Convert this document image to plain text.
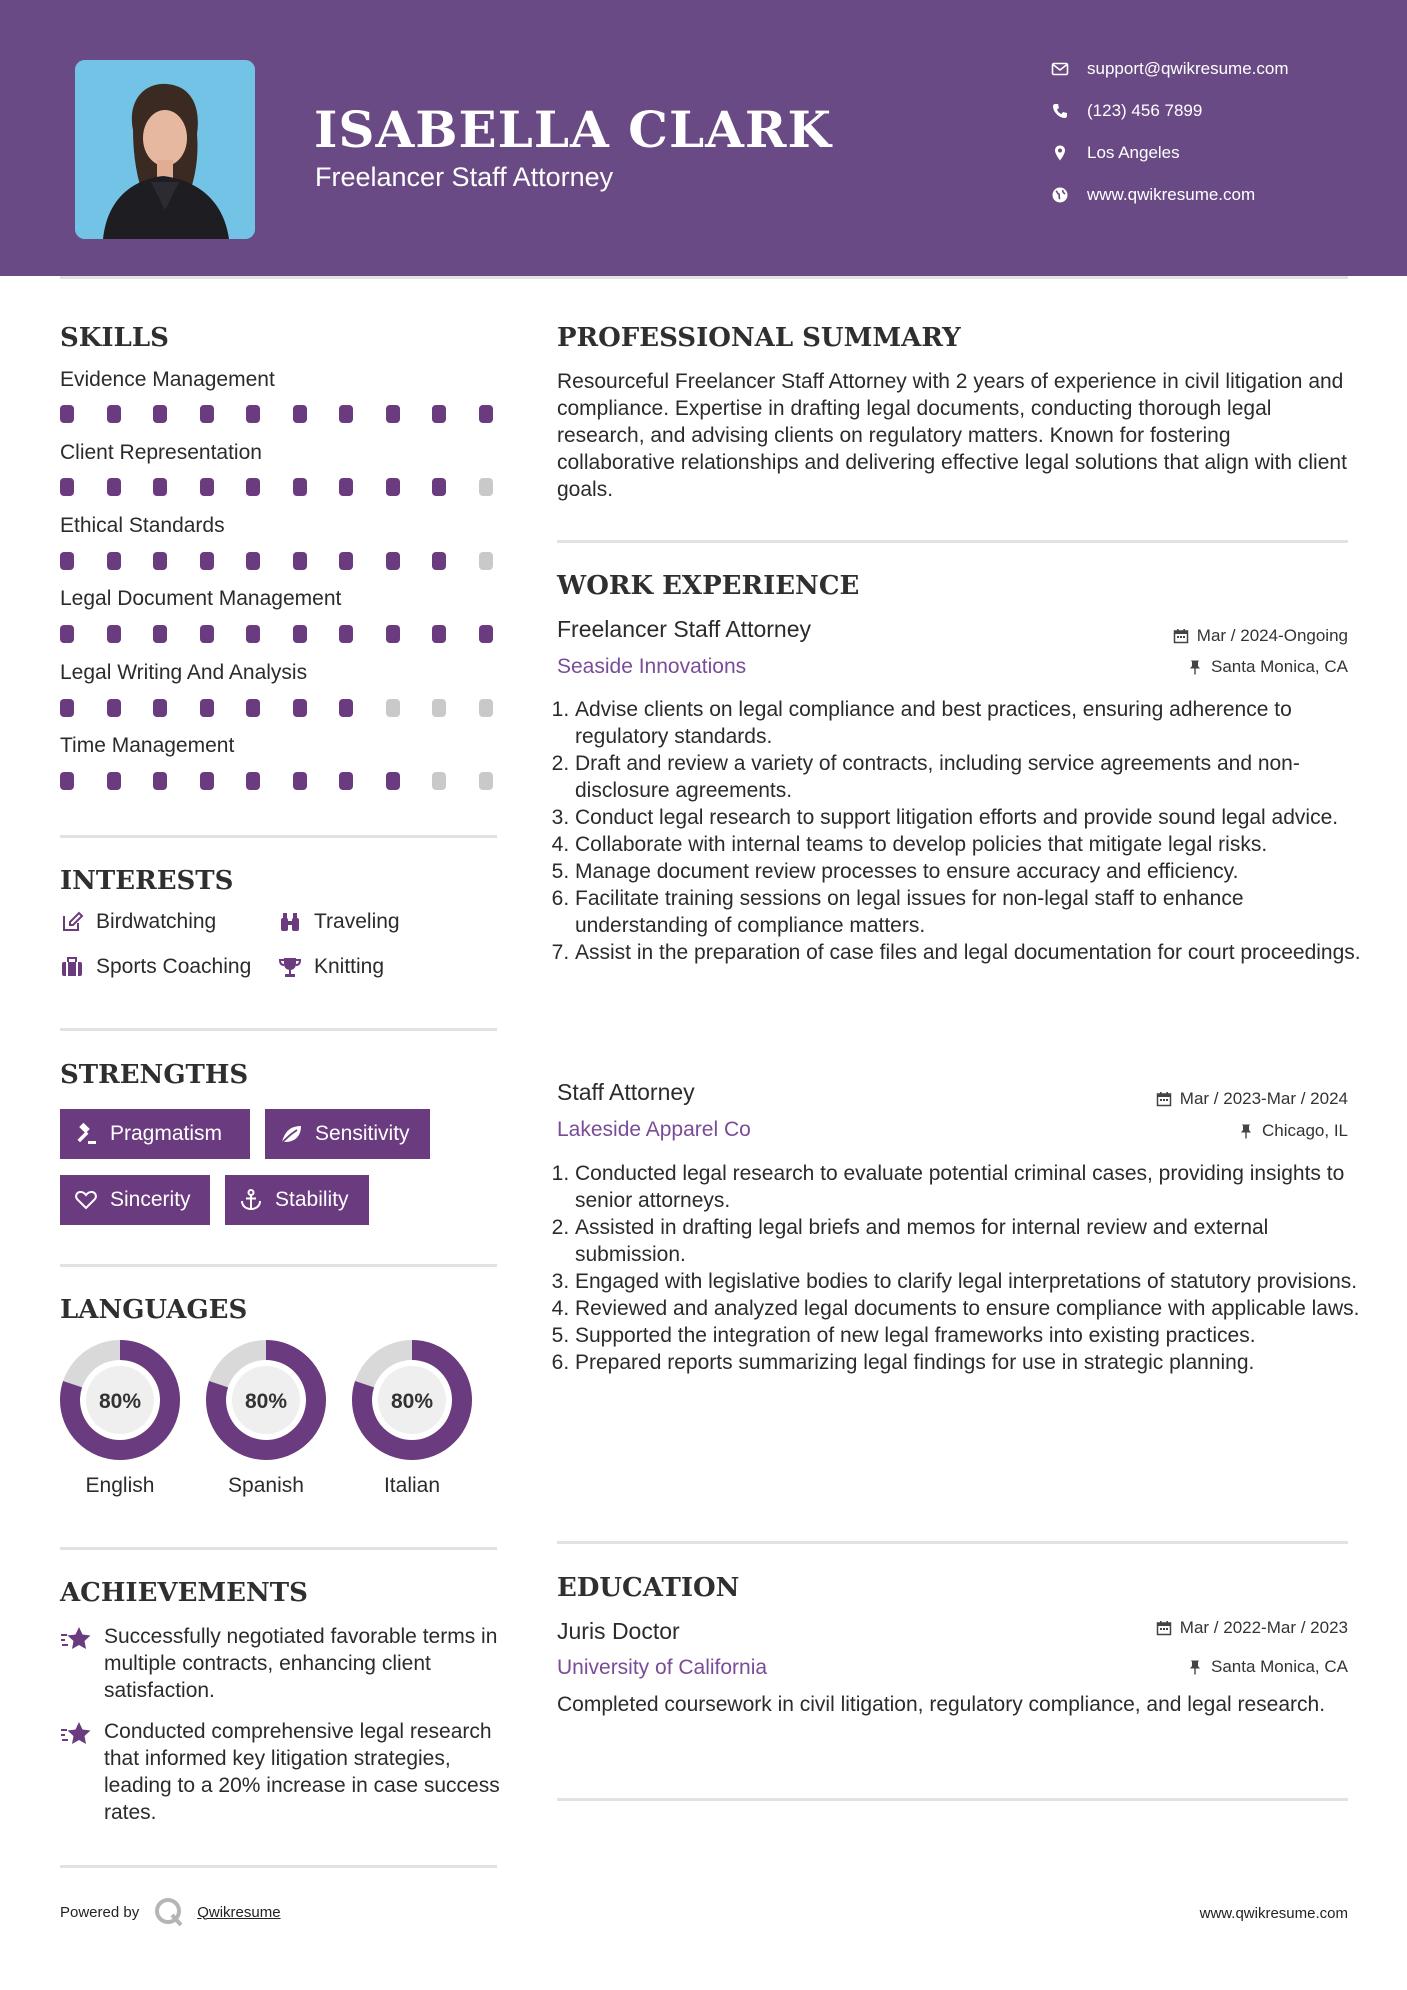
ISABELLA CLARK
Freelancer Staff Attorney
support@qwikresume.com
(123) 456 7899
Los Angeles
www.qwikresume.com
SKILLS
Evidence Management
Client Representation
Ethical Standards
Legal Document Management
Legal Writing And Analysis
Time Management
INTERESTS
Birdwatching	Traveling
Sports Coaching	Knitting
STRENGTHS
Pragmatism	Sensitivity
Sincerity	Stability
LANGUAGES
80%
English
80%
Spanish
80%
Italian
ACHIEVEMENTS
Successfully negotiated favorable terms in multiple contracts, enhancing client satisfaction.
Conducted comprehensive legal research that informed key litigation strategies, leading to a 20% increase in case success rates.
PROFESSIONAL SUMMARY

Resourceful Freelancer Staff Attorney with 2 years of experience in civil litigation and compliance. Expertise in drafting legal documents, conducting thorough legal research, and advising clients on regulatory matters. Known for fostering collaborative relationships and delivering effective legal solutions that align with client goals.

WORK EXPERIENCE
Freelancer Staff Attorney	Mar / 2024-Ongoing
Seaside Innovations	Santa Monica, CA
1. Advise clients on legal compliance and best practices, ensuring adherence to regulatory standards.
2. Draft and review a variety of contracts, including service agreements and non-disclosure agreements.
3. Conduct legal research to support litigation efforts and provide sound legal advice.
4. Collaborate with internal teams to develop policies that mitigate legal risks.
5. Manage document review processes to ensure accuracy and efficiency.
6. Facilitate training sessions on legal issues for non-legal staff to enhance understanding of compliance matters.
7. Assist in the preparation of case files and legal documentation for court proceedings.
Staff Attorney	Mar / 2023-Mar / 2024
Lakeside Apparel Co	Chicago, IL
1. Conducted legal research to evaluate potential criminal cases, providing insights to senior attorneys.
2. Assisted in drafting legal briefs and memos for internal review and external submission.
3. Engaged with legislative bodies to clarify legal interpretations of statutory provisions.
4. Reviewed and analyzed legal documents to ensure compliance with applicable laws.
5. Supported the integration of new legal frameworks into existing practices.
6. Prepared reports summarizing legal findings for use in strategic planning.
EDUCATION
Juris Doctor	Mar / 2022-Mar / 2023
University of California	Santa Monica, CA

Completed coursework in civil litigation, regulatory compliance, and legal research.

Powered by	Qwikresume	www.qwikresume.com
